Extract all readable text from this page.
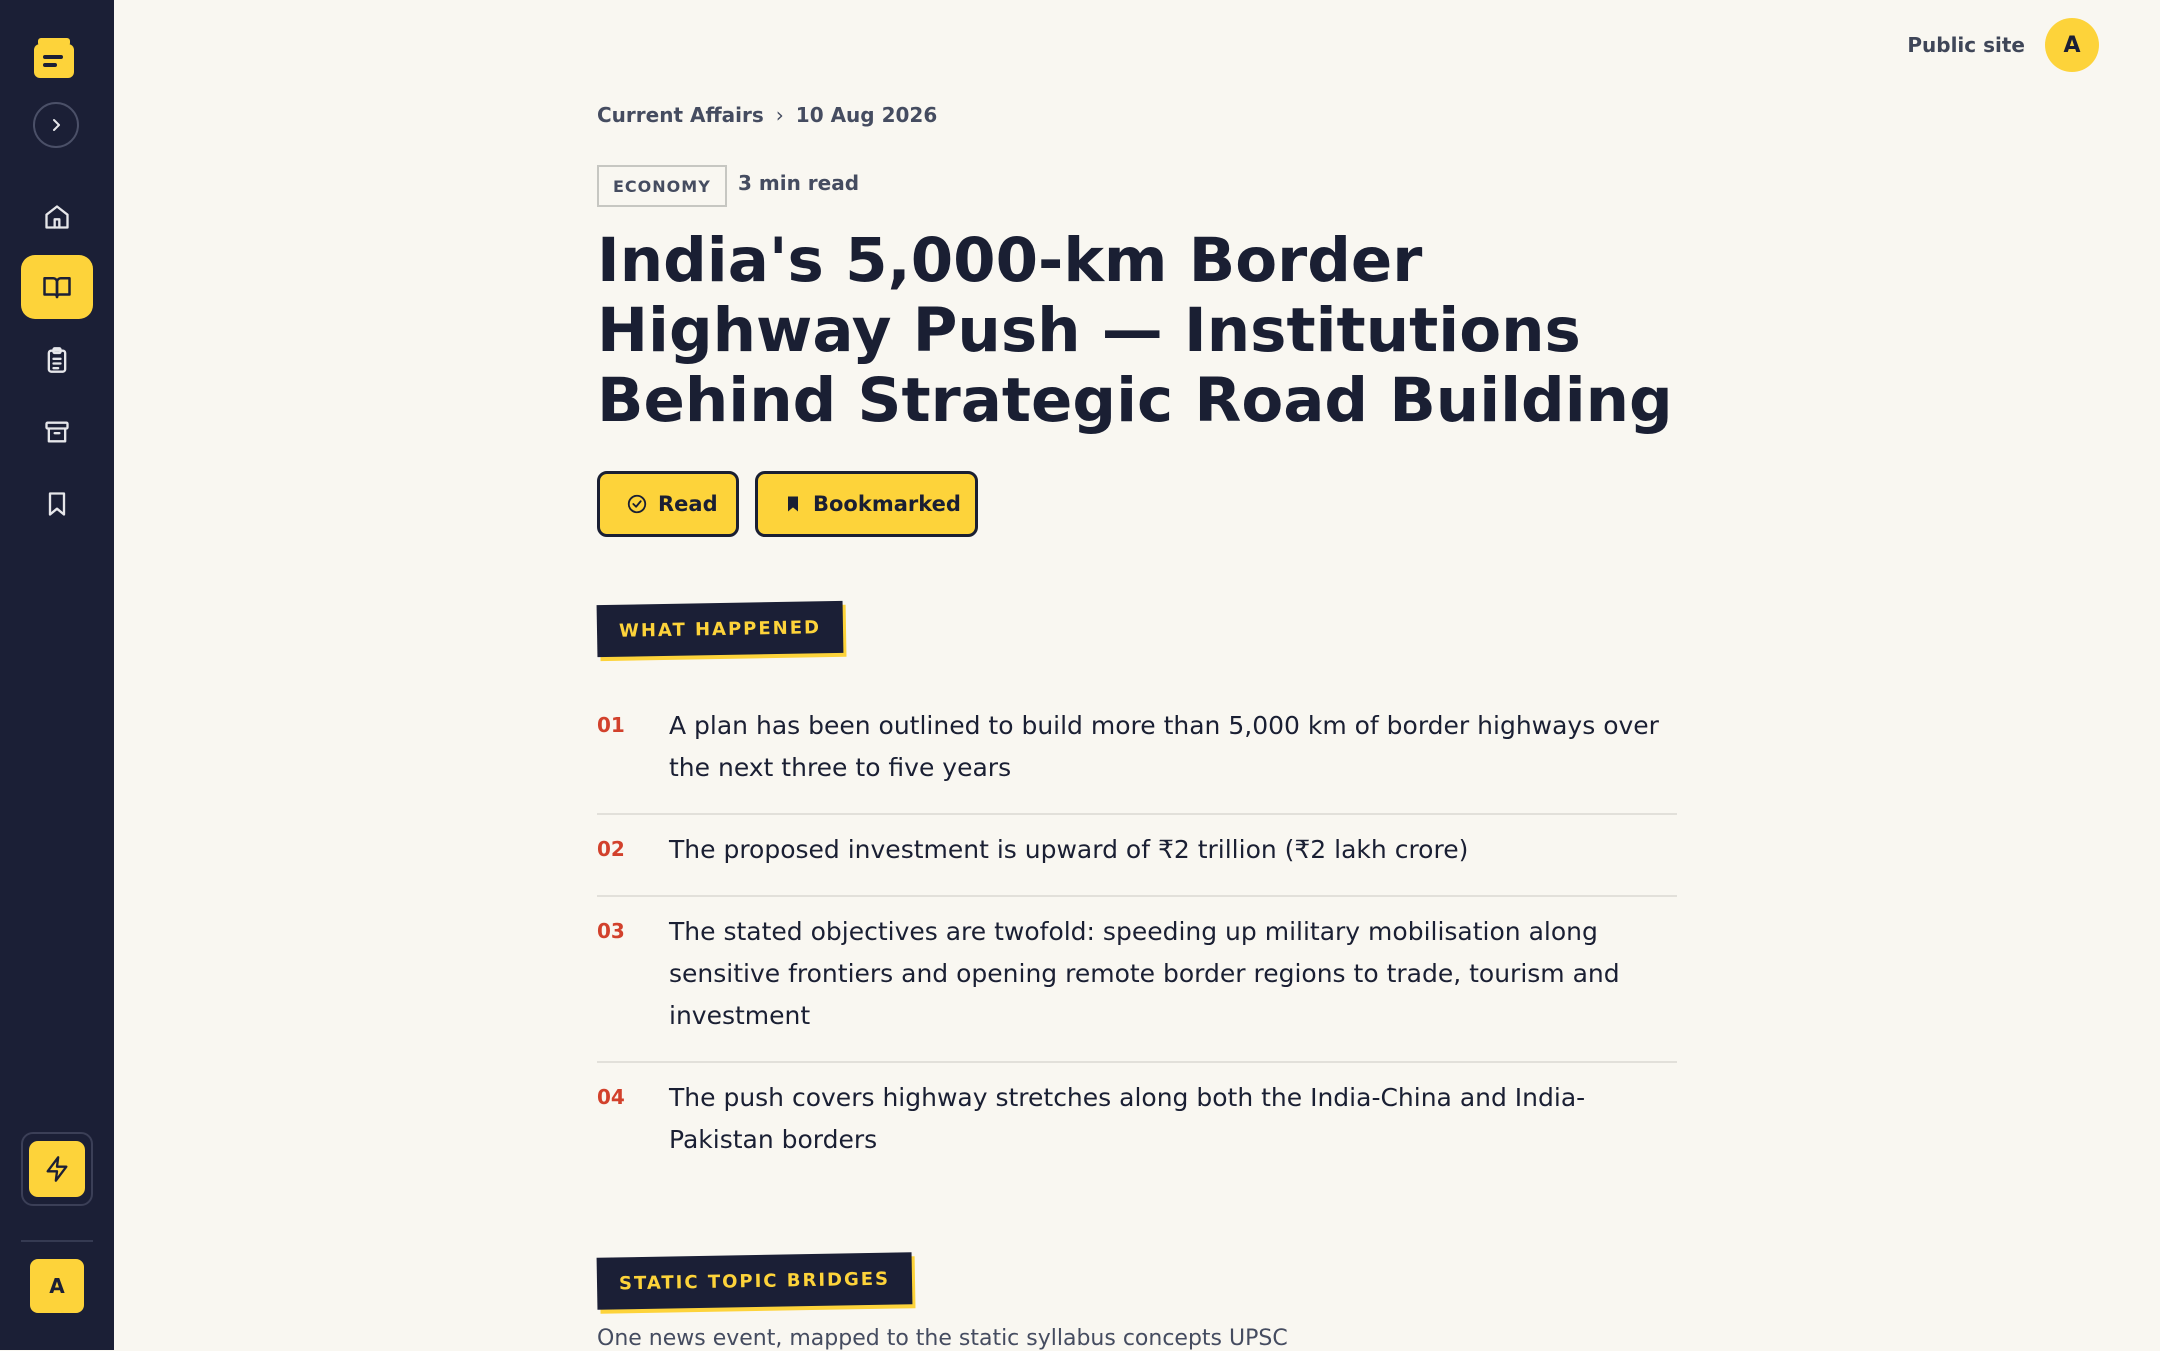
A
Public site	A
Current Affairs › 10 Aug 2026
ECONOMY	3 min read
India's 5,000-km Border Highway Push — Institutions Behind Strategic Road Building
Read	Bookmarked
WHAT HAPPENED
01 A plan has been outlined to build more than 5,000 km of border highways over the next three to five years
02 The proposed investment is upward of ₹2 trillion (₹2 lakh crore)
03 The stated objectives are twofold: speeding up military mobilisation along sensitive frontiers and opening remote border regions to trade, tourism and investment
04 The push covers highway stretches along both the India-China and India-Pakistan borders
STATIC TOPIC BRIDGES
One news event, mapped to the static syllabus concepts UPSC
